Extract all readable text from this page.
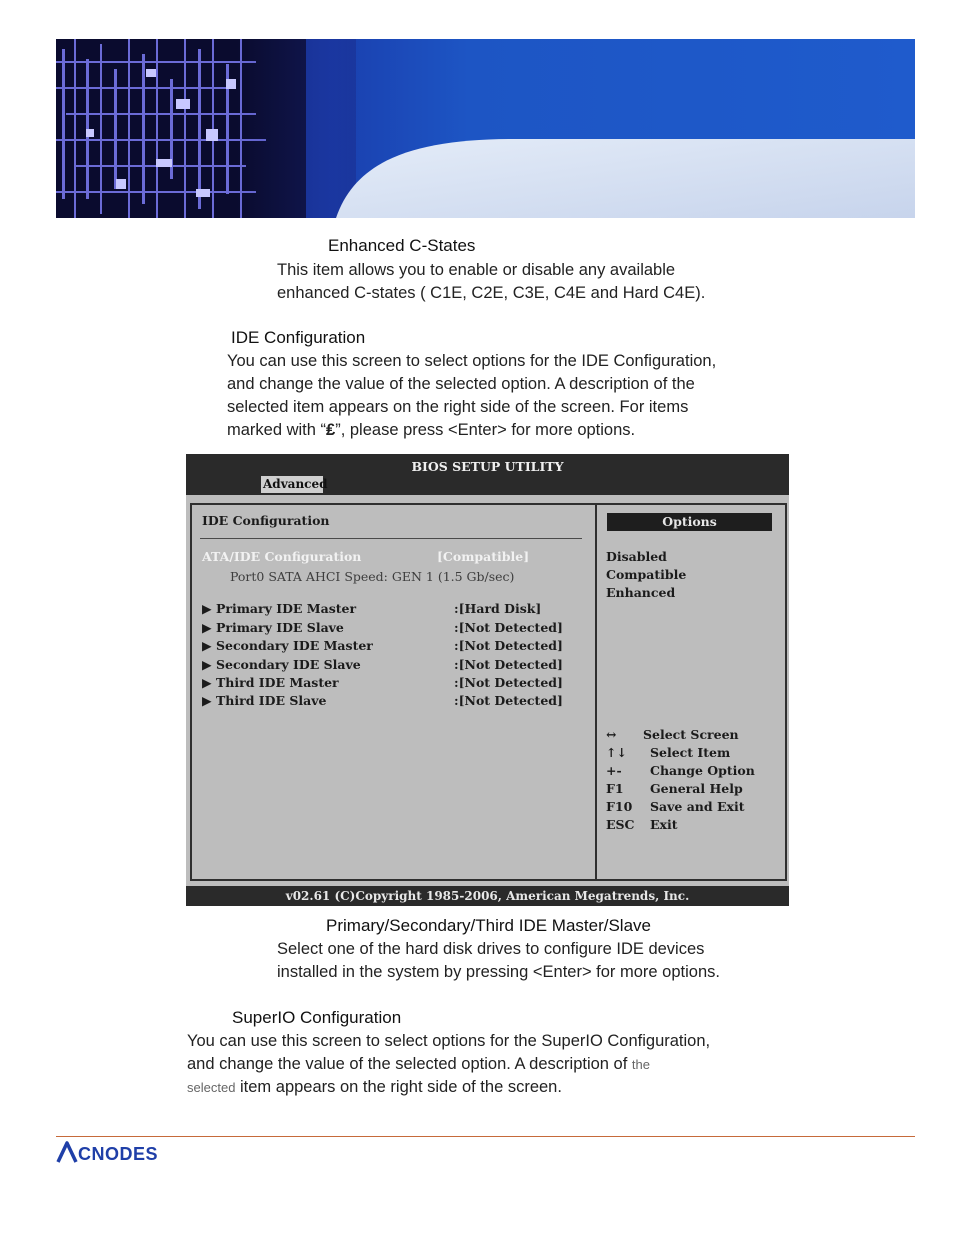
Enhanced C-States

This item allows you to enable or disable any available
enhanced C-states ( C1E, C2E, C3E, C4E and Hard C4E).

IDE Configuration

You can use this screen to select options for the IDE Configuration,
and change the value of the selected option. A description of the
selected item appears on the right side of the screen. For items
marked with “₤”, please press <Enter> for more options.

BIOS SETUP UTILITY
Advanced
IDE Configuration
ATA/IDE Configuration	[Compatible]
Port0 SATA AHCI Speed: GEN 1 (1.5 Gb/sec)
▶ Primary IDE Master	:[Hard Disk]
▶ Primary IDE Slave	:[Not Detected]
▶ Secondary IDE Master	:[Not Detected]
▶ Secondary IDE Slave	:[Not Detected]
▶ Third IDE Master	:[Not Detected]
▶ Third IDE Slave	:[Not Detected]
Options
Disabled
Compatible
Enhanced
↔ Select Screen
↑↓ Select Item
+- Change Option
F1 General Help
F10 Save and Exit
ESC Exit
v02.61 (C)Copyright 1985-2006, American Megatrends, Inc.
Primary/Secondary/Third IDE Master/Slave

Select one of the hard disk drives to configure IDE devices
installed in the system by pressing <Enter> for more options.

SuperIO Configuration

You can use this screen to select options for the SuperIO Configuration,
and change the value of the selected option. A description of the
selected item appears on the right side of the screen.

CNODES
